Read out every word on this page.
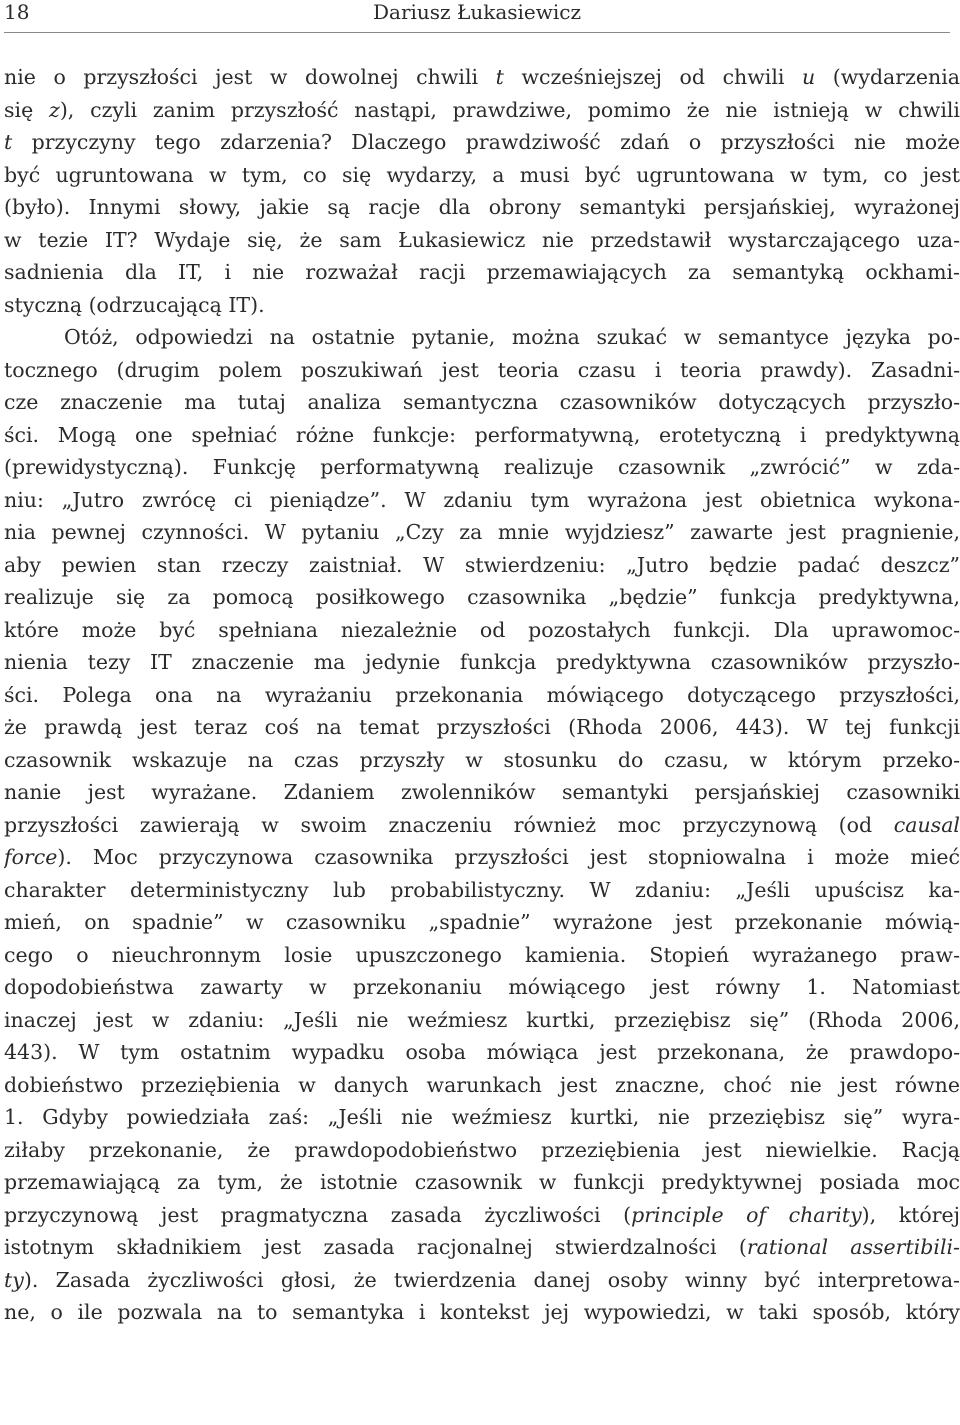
18	Dariusz Łukasiewicz
nie o przyszłości jest w dowolnej chwili t wcześniejszej od chwili u (wydarzenia
się z), czyli zanim przyszłość nastąpi, prawdziwe, pomimo że nie istnieją w chwili
t przyczyny tego zdarzenia? Dlaczego prawdziwość zdań o przyszłości nie może
być ugruntowana w tym, co się wydarzy, a musi być ugruntowana w tym, co jest
(było). Innymi słowy, jakie są racje dla obrony semantyki persjańskiej, wyrażonej
w tezie IT? Wydaje się, że sam Łukasiewicz nie przedstawił wystarczającego uza-
sadnienia dla IT, i nie rozważał racji przemawiających za semantyką ockhami-
styczną (odrzucającą IT).
Otóż, odpowiedzi na ostatnie pytanie, można szukać w semantyce języka po-
tocznego (drugim polem poszukiwań jest teoria czasu i teoria prawdy). Zasadni-
cze znaczenie ma tutaj analiza semantyczna czasowników dotyczących przyszło-
ści. Mogą one spełniać różne funkcje: performatywną, erotetyczną i predyktywną
(prewidystyczną). Funkcję performatywną realizuje czasownik „zwrócić” w zda-
niu: „Jutro zwrócę ci pieniądze”. W zdaniu tym wyrażona jest obietnica wykona-
nia pewnej czynności. W pytaniu „Czy za mnie wyjdziesz” zawarte jest pragnienie,
aby pewien stan rzeczy zaistniał. W stwierdzeniu: „Jutro będzie padać deszcz”
realizuje się za pomocą posiłkowego czasownika „będzie” funkcja predyktywna,
które może być spełniana niezależnie od pozostałych funkcji. Dla uprawomoc-
nienia tezy IT znaczenie ma jedynie funkcja predyktywna czasowników przyszło-
ści. Polega ona na wyrażaniu przekonania mówiącego dotyczącego przyszłości,
że prawdą jest teraz coś na temat przyszłości (Rhoda 2006, 443). W tej funkcji
czasownik wskazuje na czas przyszły w stosunku do czasu, w którym przeko-
nanie jest wyrażane. Zdaniem zwolenników semantyki persjańskiej czasowniki
przyszłości zawierają w swoim znaczeniu również moc przyczynową (od causal
force). Moc przyczynowa czasownika przyszłości jest stopniowalna i może mieć
charakter deterministyczny lub probabilistyczny. W zdaniu: „Jeśli upuścisz ka-
mień, on spadnie” w czasowniku „spadnie” wyrażone jest przekonanie mówią-
cego o nieuchronnym losie upuszczonego kamienia. Stopień wyrażanego praw-
dopodobieństwa zawarty w przekonaniu mówiącego jest równy 1. Natomiast
inaczej jest w zdaniu: „Jeśli nie weźmiesz kurtki, przeziębisz się” (Rhoda 2006,
443). W tym ostatnim wypadku osoba mówiąca jest przekonana, że prawdopo-
dobieństwo przeziębienia w danych warunkach jest znaczne, choć nie jest równe
1. Gdyby powiedziała zaś: „Jeśli nie weźmiesz kurtki, nie przeziębisz się” wyra-
ziłaby przekonanie, że prawdopodobieństwo przeziębienia jest niewielkie. Racją
przemawiającą za tym, że istotnie czasownik w funkcji predyktywnej posiada moc
przyczynową jest pragmatyczna zasada życzliwości (principle of charity), której
istotnym składnikiem jest zasada racjonalnej stwierdzalności (rational assertibili-
ty). Zasada życzliwości głosi, że twierdzenia danej osoby winny być interpretowa-
ne, o ile pozwala na to semantyka i kontekst jej wypowiedzi, w taki sposób, który
